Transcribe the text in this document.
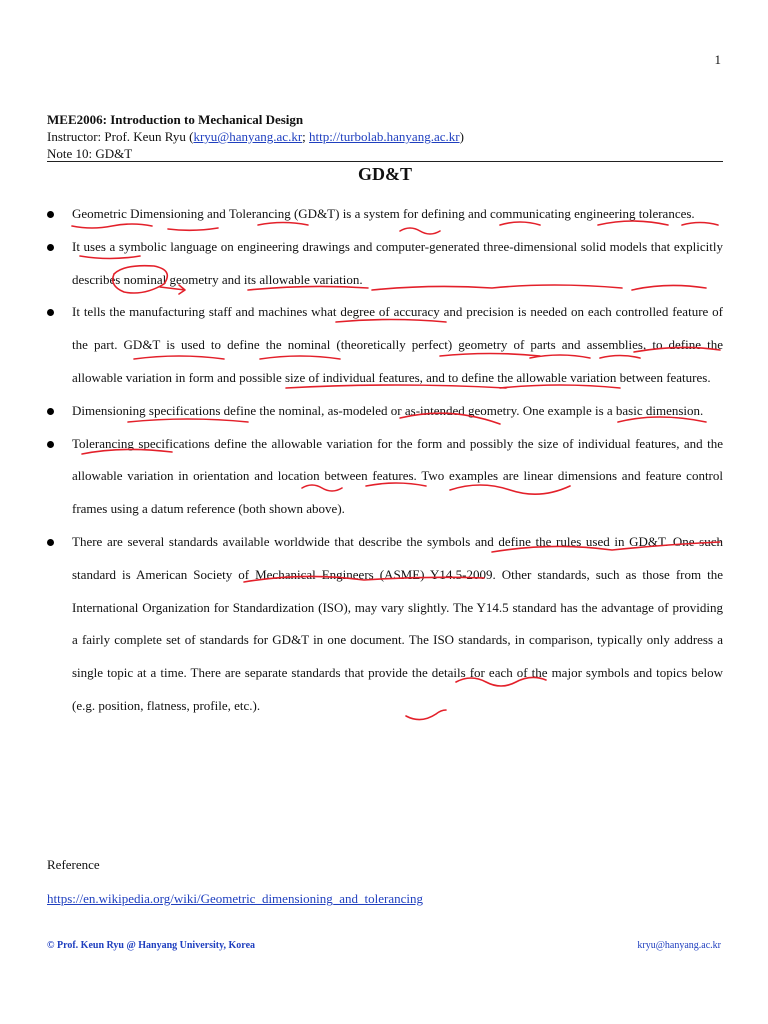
1
MEE2006: Introduction to Mechanical Design
Instructor: Prof. Keun Ryu (kryu@hanyang.ac.kr; http://turbolab.hanyang.ac.kr)
Note 10: GD&T
GD&T
Geometric Dimensioning and Tolerancing (GD&T) is a system for defining and communicating engineering tolerances.
It uses a symbolic language on engineering drawings and computer-generated three-dimensional solid models that explicitly describes nominal geometry and its allowable variation.
It tells the manufacturing staff and machines what degree of accuracy and precision is needed on each controlled feature of the part. GD&T is used to define the nominal (theoretically perfect) geometry of parts and assemblies, to define the allowable variation in form and possible size of individual features, and to define the allowable variation between features.
Dimensioning specifications define the nominal, as-modeled or as-intended geometry. One example is a basic dimension.
Tolerancing specifications define the allowable variation for the form and possibly the size of individual features, and the allowable variation in orientation and location between features. Two examples are linear dimensions and feature control frames using a datum reference (both shown above).
There are several standards available worldwide that describe the symbols and define the rules used in GD&T. One such standard is American Society of Mechanical Engineers (ASME) Y14.5-2009. Other standards, such as those from the International Organization for Standardization (ISO), may vary slightly. The Y14.5 standard has the advantage of providing a fairly complete set of standards for GD&T in one document. The ISO standards, in comparison, typically only address a single topic at a time. There are separate standards that provide the details for each of the major symbols and topics below (e.g. position, flatness, profile, etc.).
Reference
https://en.wikipedia.org/wiki/Geometric_dimensioning_and_tolerancing
© Prof. Keun Ryu @ Hanyang University, Korea	kryu@hanyang.ac.kr
